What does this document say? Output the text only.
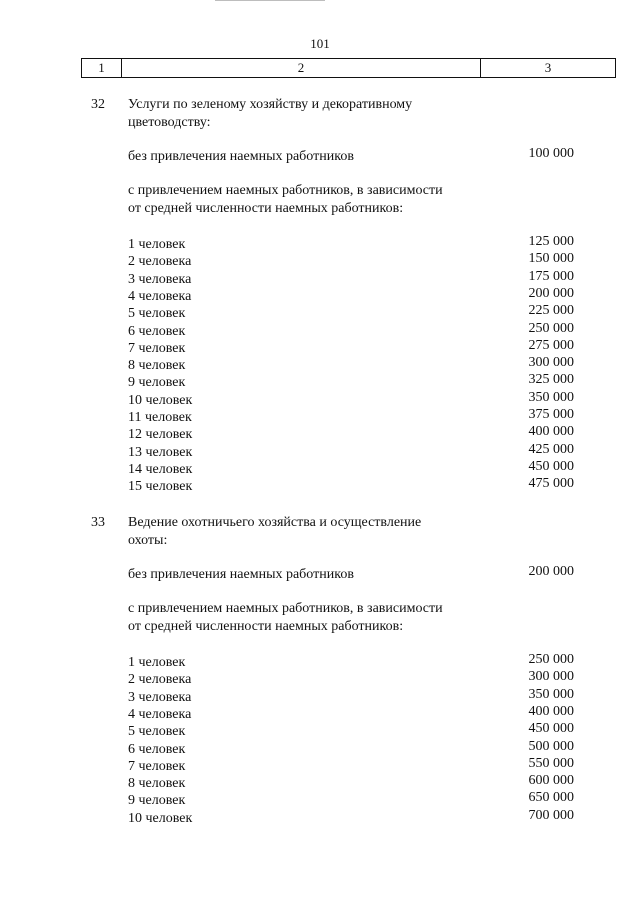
101
1	2	3
32 Услуги по зеленому хозяйству и декоративному
цветоводству:
без привлечения наемных работников	100 000
с привлечением наемных работников, в зависимости
от средней численности наемных работников:
1 человек	125 000
2 человека	150 000
3 человека	175 000
4 человека	200 000
5 человек	225 000
6 человек	250 000
7 человек	275 000
8 человек	300 000
9 человек	325 000
10 человек	350 000
11 человек	375 000
12 человек	400 000
13 человек	425 000
14 человек	450 000
15 человек	475 000
33 Ведение охотничьего хозяйства и осуществление
охоты:
без привлечения наемных работников	200 000
с привлечением наемных работников, в зависимости
от средней численности наемных работников:
1 человек	250 000
2 человека	300 000
3 человека	350 000
4 человека	400 000
5 человек	450 000
6 человек	500 000
7 человек	550 000
8 человек	600 000
9 человек	650 000
10 человек	700 000
